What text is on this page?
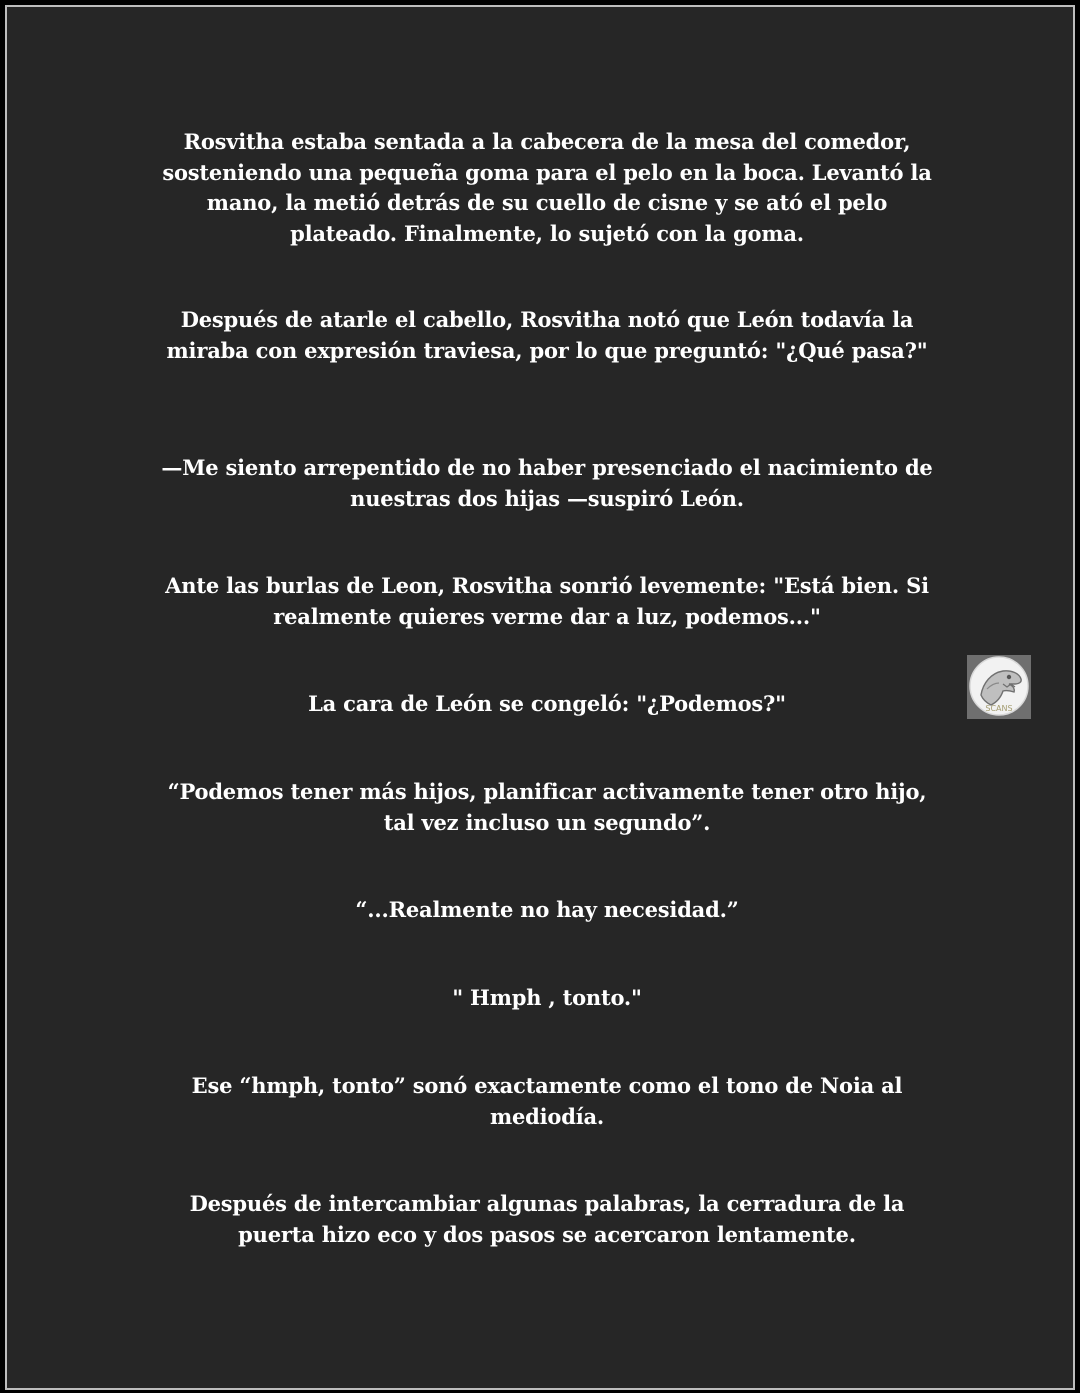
Rosvitha estaba sentada a la cabecera de la mesa del comedor, sosteniendo una pequeña goma para el pelo en la boca. Levantó la mano, la metió detrás de su cuello de cisne y se ató el pelo plateado. Finalmente, lo sujetó con la goma.

Después de atarle el cabello, Rosvitha notó que León todavía la miraba con expresión traviesa, por lo que preguntó: "¿Qué pasa?"

—Me siento arrepentido de no haber presenciado el nacimiento de nuestras dos hijas —suspiró León.

Ante las burlas de Leon, Rosvitha sonrió levemente: "Está bien. Si realmente quieres verme dar a luz, podemos..."

La cara de León se congeló: "¿Podemos?"

“Podemos tener más hijos, planificar activamente tener otro hijo, tal vez incluso un segundo”.

“...Realmente no hay necesidad.”

" Hmph , tonto."

Ese “hmph, tonto” sonó exactamente como el tono de Noia al mediodía.

Después de intercambiar algunas palabras, la cerradura de la puerta hizo eco y dos pasos se acercaron lentamente.

SCANS
